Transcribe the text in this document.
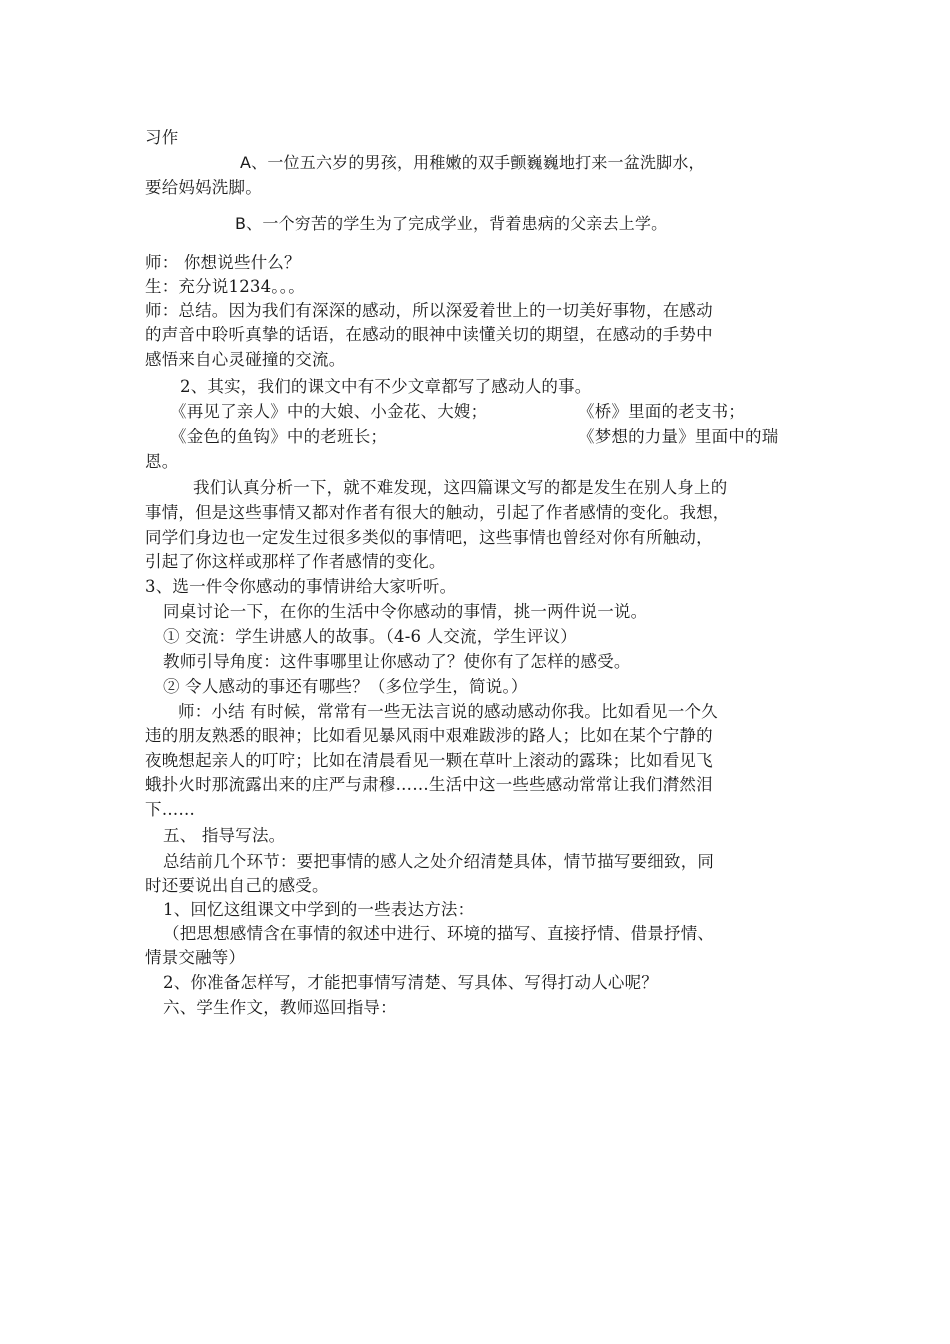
习作
A、一位五六岁的男孩，用稚嫩的双手颤巍巍地打来一盆洗脚水，
要给妈妈洗脚。
B、一个穷苦的学生为了完成学业，背着患病的父亲去上学。
师： 你想说些什么？
生：充分说1234。。。
师：总结。因为我们有深深的感动，所以深爱着世上的一切美好事物，在感动
的声音中聆听真挚的话语，在感动的眼神中读懂关切的期望，在感动的手势中
感悟来自心灵碰撞的交流。
2、其实，我们的课文中有不少文章都写了感动人的事。
《再见了亲人》中的大娘、小金花、大嫂；	《桥》里面的老支书；
《金色的鱼钩》中的老班长；	《梦想的力量》里面中的瑞
恩。
我们认真分析一下，就不难发现，这四篇课文写的都是发生在别人身上的
事情，但是这些事情又都对作者有很大的触动，引起了作者感情的变化。我想，
同学们身边也一定发生过很多类似的事情吧，这些事情也曾经对你有所触动，
引起了你这样或那样了作者感情的变化。
3、选一件令你感动的事情讲给大家听听。
同桌讨论一下，在你的生活中令你感动的事情，挑一两件说一说。
① 交流：学生讲感人的故事。（4-6 人交流，学生评议）
教师引导角度：这件事哪里让你感动了？使你有了怎样的感受。
② 令人感动的事还有哪些？（多位学生，简说。）
师：小结 有时候，常常有一些无法言说的感动感动你我。比如看见一个久
违的朋友熟悉的眼神；比如看见暴风雨中艰难跋涉的路人；比如在某个宁静的
夜晚想起亲人的叮咛；比如在清晨看见一颗在草叶上滚动的露珠；比如看见飞
蛾扑火时那流露出来的庄严与肃穆……生活中这一些些感动常常让我们潸然泪
下……
五、 指导写法。
总结前几个环节：要把事情的感人之处介绍清楚具体，情节描写要细致，同
时还要说出自己的感受。
1、回忆这组课文中学到的一些表达方法：
（把思想感情含在事情的叙述中进行、环境的描写、直接抒情、借景抒情、
情景交融等）
2、你准备怎样写，才能把事情写清楚、写具体、写得打动人心呢？
六、学生作文，教师巡回指导：
